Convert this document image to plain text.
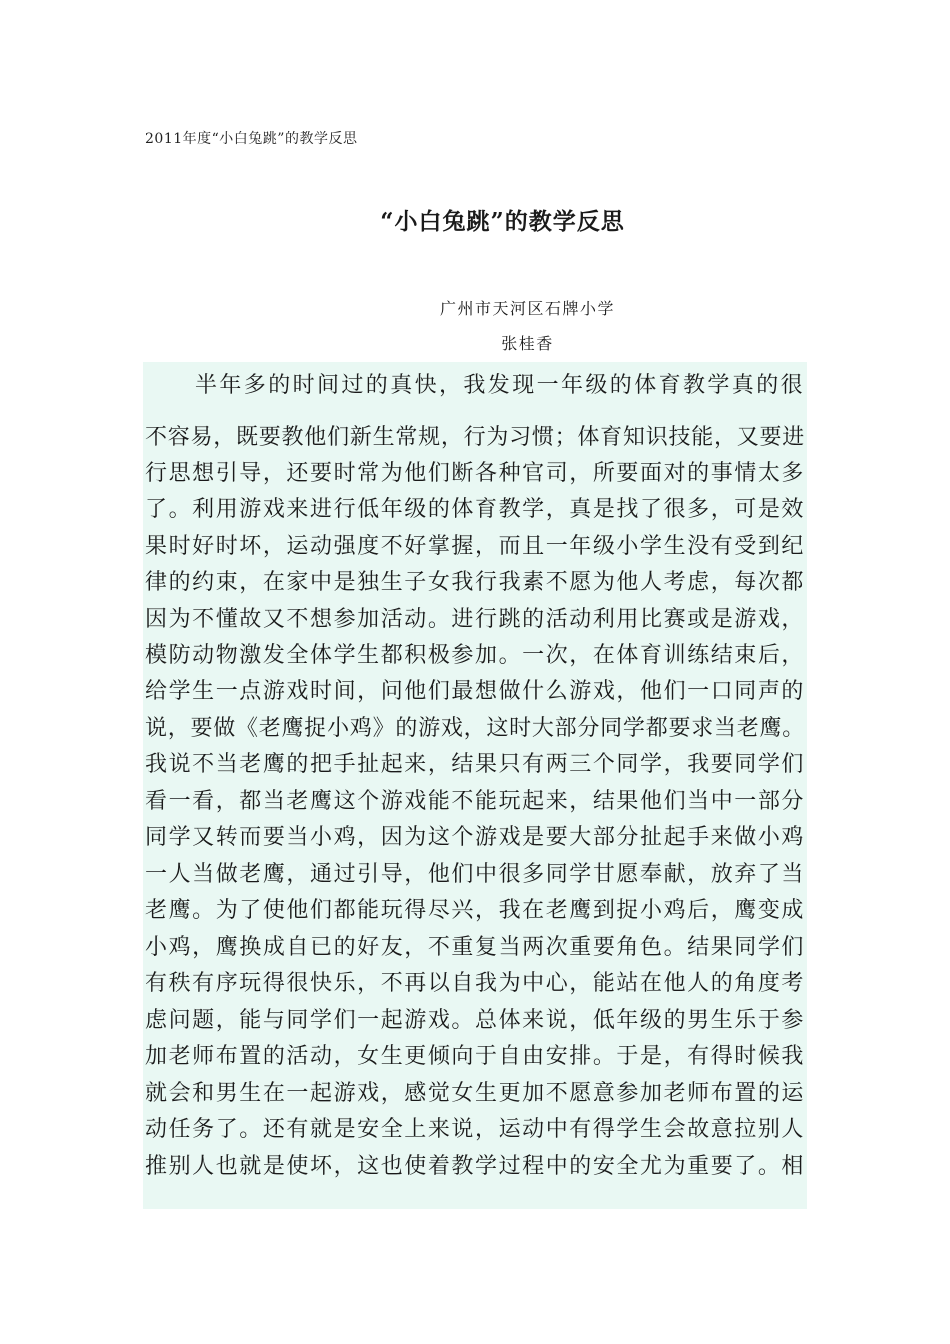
2011年度“小白兔跳”的教学反思
“小白兔跳”的教学反思
广州市天河区石牌小学
张桂香
半年多的时间过的真快，我发现一年级的体育教学真的很
不容易，既要教他们新生常规，行为习惯；体育知识技能，又要进
行思想引导，还要时常为他们断各种官司，所要面对的事情太多
了。利用游戏来进行低年级的体育教学，真是找了很多，可是效
果时好时坏，运动强度不好掌握，而且一年级小学生没有受到纪
律的约束，在家中是独生子女我行我素不愿为他人考虑，每次都
因为不懂故又不想参加活动。进行跳的活动利用比赛或是游戏，
模防动物激发全体学生都积极参加。一次，在体育训练结束后，
给学生一点游戏时间，问他们最想做什么游戏，他们一口同声的
说，要做《老鹰捉小鸡》的游戏，这时大部分同学都要求当老鹰。
我说不当老鹰的把手扯起来，结果只有两三个同学，我要同学们
看一看，都当老鹰这个游戏能不能玩起来，结果他们当中一部分
同学又转而要当小鸡，因为这个游戏是要大部分扯起手来做小鸡
一人当做老鹰，通过引导，他们中很多同学甘愿奉献，放弃了当
老鹰。为了使他们都能玩得尽兴，我在老鹰到捉小鸡后，鹰变成
小鸡，鹰换成自已的好友，不重复当两次重要角色。结果同学们
有秩有序玩得很快乐，不再以自我为中心，能站在他人的角度考
虑问题，能与同学们一起游戏。总体来说，低年级的男生乐于参
加老师布置的活动，女生更倾向于自由安排。于是，有得时候我
就会和男生在一起游戏，感觉女生更加不愿意参加老师布置的运
动任务了。还有就是安全上来说，运动中有得学生会故意拉别人
推别人也就是使坏，这也使着教学过程中的安全尤为重要了。相
